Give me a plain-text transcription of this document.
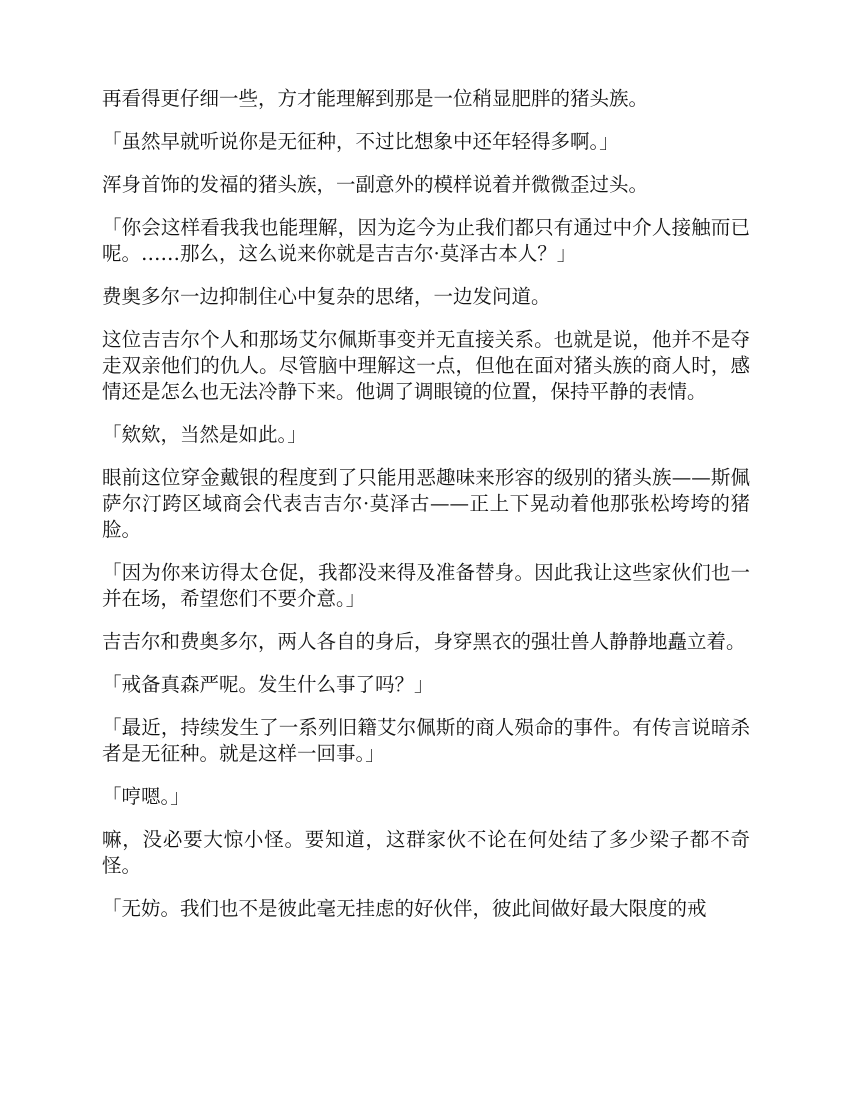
再看得更仔细一些，方才能理解到那是一位稍显肥胖的猪头族。

「虽然早就听说你是无征种，不过比想象中还年轻得多啊。」

浑身首饰的发福的猪头族，一副意外的模样说着并微微歪过头。

「你会这样看我我也能理解，因为迄今为止我们都只有通过中介人接触而已呢。……那么，这么说来你就是吉吉尔·莫泽古本人？」

费奥多尔一边抑制住心中复杂的思绪，一边发问道。

这位吉吉尔个人和那场艾尔佩斯事变并无直接关系。也就是说，他并不是夺走双亲他们的仇人。尽管脑中理解这一点，但他在面对猪头族的商人时，感情还是怎么也无法冷静下来。他调了调眼镜的位置，保持平静的表情。

「欸欸，当然是如此。」

眼前这位穿金戴银的程度到了只能用恶趣味来形容的级别的猪头族——斯佩萨尔汀跨区域商会代表吉吉尔·莫泽古——正上下晃动着他那张松垮垮的猪脸。

「因为你来访得太仓促，我都没来得及准备替身。因此我让这些家伙们也一并在场，希望您们不要介意。」

吉吉尔和费奥多尔，两人各自的身后，身穿黑衣的强壮兽人静静地矗立着。

「戒备真森严呢。发生什么事了吗？」

「最近，持续发生了一系列旧籍艾尔佩斯的商人殒命的事件。有传言说暗杀者是无征种。就是这样一回事。」

「哼嗯。」

嘛，没必要大惊小怪。要知道，这群家伙不论在何处结了多少梁子都不奇怪。

「无妨。我们也不是彼此毫无挂虑的好伙伴，彼此间做好最大限度的戒
